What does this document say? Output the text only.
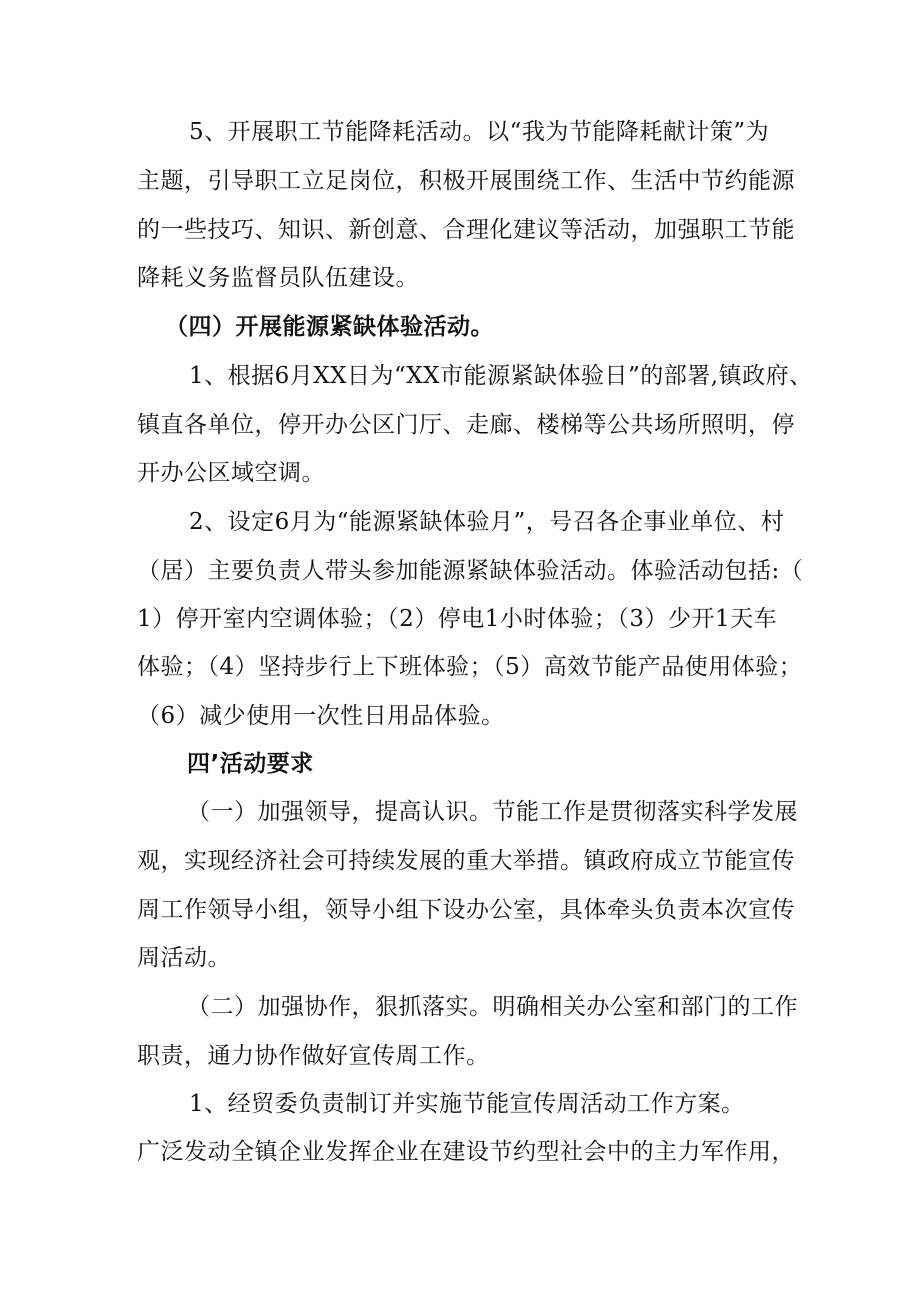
5、开展职工节能降耗活动。以“我为节能降耗献计策”为
主题，引导职工立足岗位，积极开展围绕工作、生活中节约能源
的一些技巧、知识、新创意、合理化建议等活动，加强职工节能
降耗义务监督员队伍建设。
（四）开展能源紧缺体验活动。
1、根据6月XX日为“XX市能源紧缺体验日”的部署,镇政府、
镇直各单位，停开办公区门厅、走廊、楼梯等公共场所照明，停
开办公区域空调。
2、设定6月为“能源紧缺体验月”，号召各企事业单位、村
（居）主要负责人带头参加能源紧缺体验活动。体验活动包括:（
1）停开室内空调体验；（2）停电1小时体验；（3）少开1天车
体验；（4）坚持步行上下班体验；（5）高效节能产品使用体验；
（6）减少使用一次性日用品体验。
四’活动要求
（一）加强领导，提高认识。节能工作是贯彻落实科学发展
观，实现经济社会可持续发展的重大举措。镇政府成立节能宣传
周工作领导小组，领导小组下设办公室，具体牵头负责本次宣传
周活动。
（二）加强协作，狠抓落实。明确相关办公室和部门的工作
职责，通力协作做好宣传周工作。
1、经贸委负责制订并实施节能宣传周活动工作方案。
广泛发动全镇企业发挥企业在建设节约型社会中的主力军作用，
